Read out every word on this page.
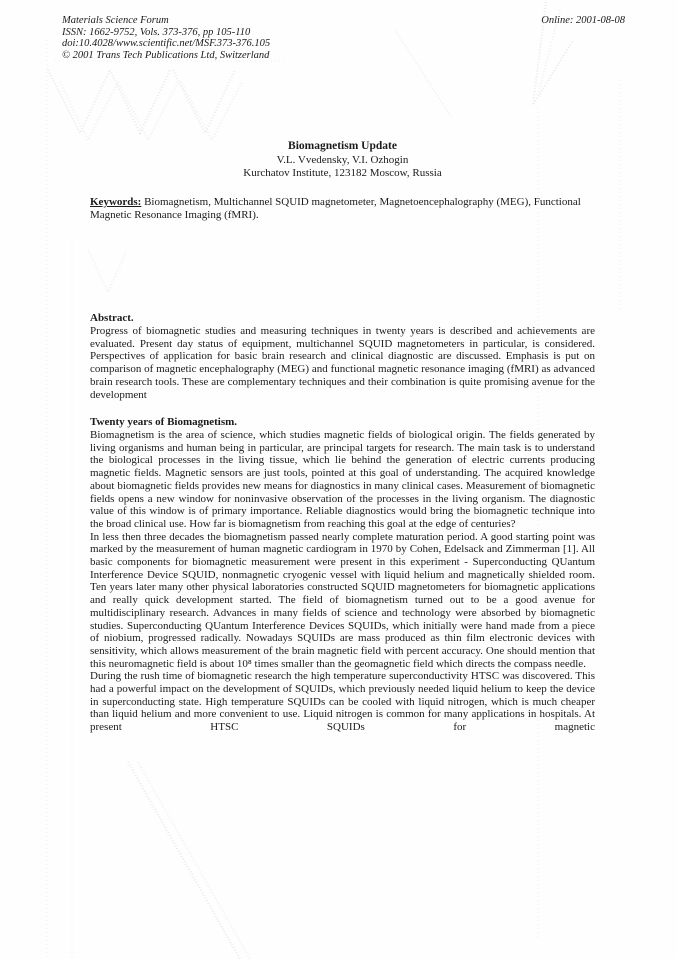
Materials Science Forum
ISSN: 1662-9752, Vols. 373-376, pp 105-110
doi:10.4028/www.scientific.net/MSF.373-376.105
© 2001 Trans Tech Publications Ltd, Switzerland
Online: 2001-08-08
Biomagnetism Update
V.L. Vvedensky, V.I. Ozhogin
Kurchatov Institute, 123182 Moscow, Russia
Keywords: Biomagnetism, Multichannel SQUID magnetometer, Magnetoencephalography (MEG), Functional Magnetic Resonance Imaging (fMRI).
Abstract.

Progress of biomagnetic studies and measuring techniques in twenty years is described and achievements are evaluated. Present day status of equipment, multichannel SQUID magnetometers in particular, is considered. Perspectives of application for basic brain research and clinical diagnostic are discussed. Emphasis is put on comparison of magnetic encephalography (MEG) and functional magnetic resonance imaging (fMRI) as advanced brain research tools. These are complementary techniques and their combination is quite promising avenue for the development

Twenty years of Biomagnetism.

Biomagnetism is the area of science, which studies magnetic fields of biological origin. The fields generated by living organisms and human being in particular, are principal targets for research. The main task is to understand the biological processes in the living tissue, which lie behind the generation of electric currents producing magnetic fields. Magnetic sensors are just tools, pointed at this goal of understanding. The acquired knowledge about biomagnetic fields provides new means for diagnostics in many clinical cases. Measurement of biomagnetic fields opens a new window for noninvasive observation of the processes in the living organism. The diagnostic value of this window is of primary importance. Reliable diagnostics would bring the biomagnetic technique into the broad clinical use. How far is biomagnetism from reaching this goal at the edge of centuries?

In less then three decades the biomagnetism passed nearly complete maturation period. A good starting point was marked by the measurement of human magnetic cardiogram in 1970 by Cohen, Edelsack and Zimmerman [1]. All basic components for biomagnetic measurement were present in this experiment - Superconducting QUantum Interference Device SQUID, nonmagnetic cryogenic vessel with liquid helium and magnetically shielded room. Ten years later many other physical laboratories constructed SQUID magnetometers for biomagnetic applications and really quick development started. The field of biomagnetism turned out to be a good avenue for multidisciplinary research. Advances in many fields of science and technology were absorbed by biomagnetic studies. Superconducting QUantum Interference Devices SQUIDs, which initially were hand made from a piece of niobium, progressed radically. Nowadays SQUIDs are mass produced as thin film electronic devices with sensitivity, which allows measurement of the brain magnetic field with percent accuracy. One should mention that this neuromagnetic field is about 10⁸ times smaller than the geomagnetic field which directs the compass needle.

During the rush time of biomagnetic research the high temperature superconductivity HTSC was discovered. This had a powerful impact on the development of SQUIDs, which previously needed liquid helium to keep the device in superconducting state. High temperature SQUIDs can be cooled with liquid nitrogen, which is much cheaper than liquid helium and more convenient to use. Liquid nitrogen is common for many applications in hospitals. At present HTSC SQUIDs for magnetic
